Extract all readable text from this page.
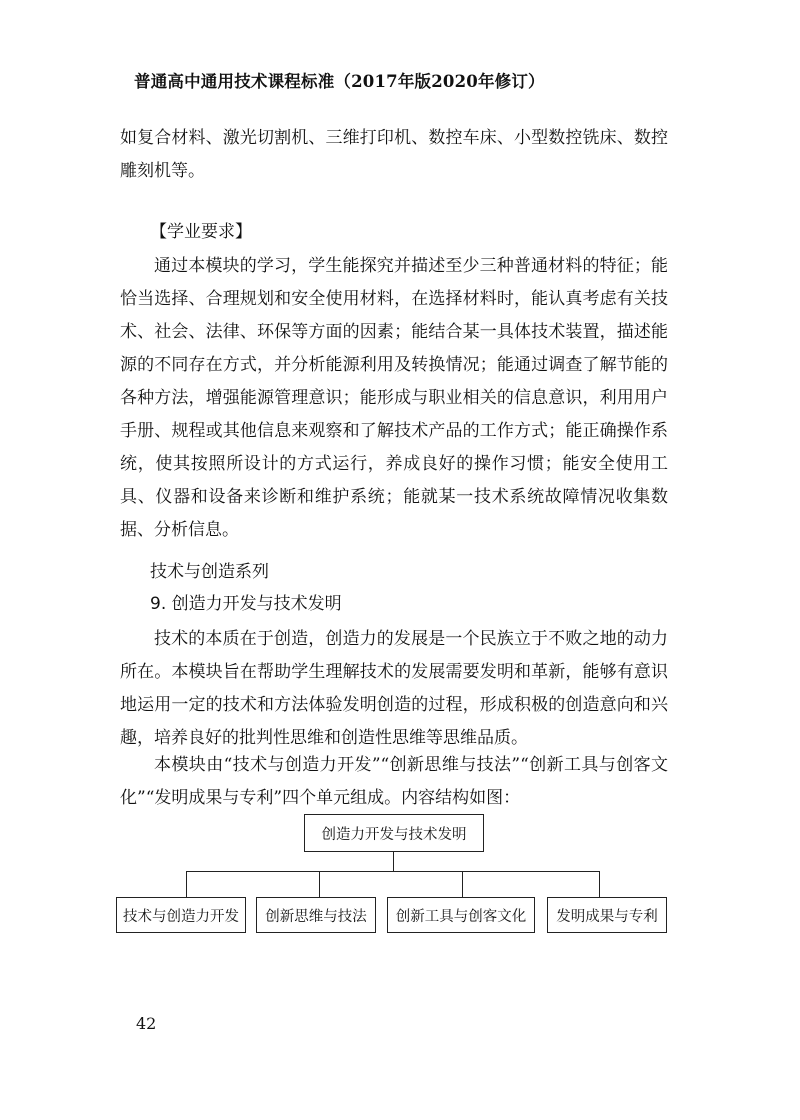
普通高中通用技术课程标准（2017年版2020年修订）

如复合材料、激光切割机、三维打印机、数控车床、小型数控铣床、数控雕刻机等。

【学业要求】

通过本模块的学习，学生能探究并描述至少三种普通材料的特征；能恰当选择、合理规划和安全使用材料，在选择材料时，能认真考虑有关技术、社会、法律、环保等方面的因素；能结合某一具体技术装置，描述能源的不同存在方式，并分析能源利用及转换情况；能通过调查了解节能的各种方法，增强能源管理意识；能形成与职业相关的信息意识，利用用户手册、规程或其他信息来观察和了解技术产品的工作方式；能正确操作系统，使其按照所设计的方式运行，养成良好的操作习惯；能安全使用工具、仪器和设备来诊断和维护系统；能就某一技术系统故障情况收集数据、分析信息。

技术与创造系列
9. 创造力开发与技术发明

技术的本质在于创造，创造力的发展是一个民族立于不败之地的动力所在。本模块旨在帮助学生理解技术的发展需要发明和革新，能够有意识地运用一定的技术和方法体验发明创造的过程，形成积极的创造意向和兴趣，培养良好的批判性思维和创造性思维等思维品质。

本模块由“技术与创造力开发”“创新思维与技法”“创新工具与创客文化”“发明成果与专利”四个单元组成。内容结构如图：

创造力开发与技术发明
技术与创造力开发	创新思维与技法	创新工具与创客文化	发明成果与专利
42
